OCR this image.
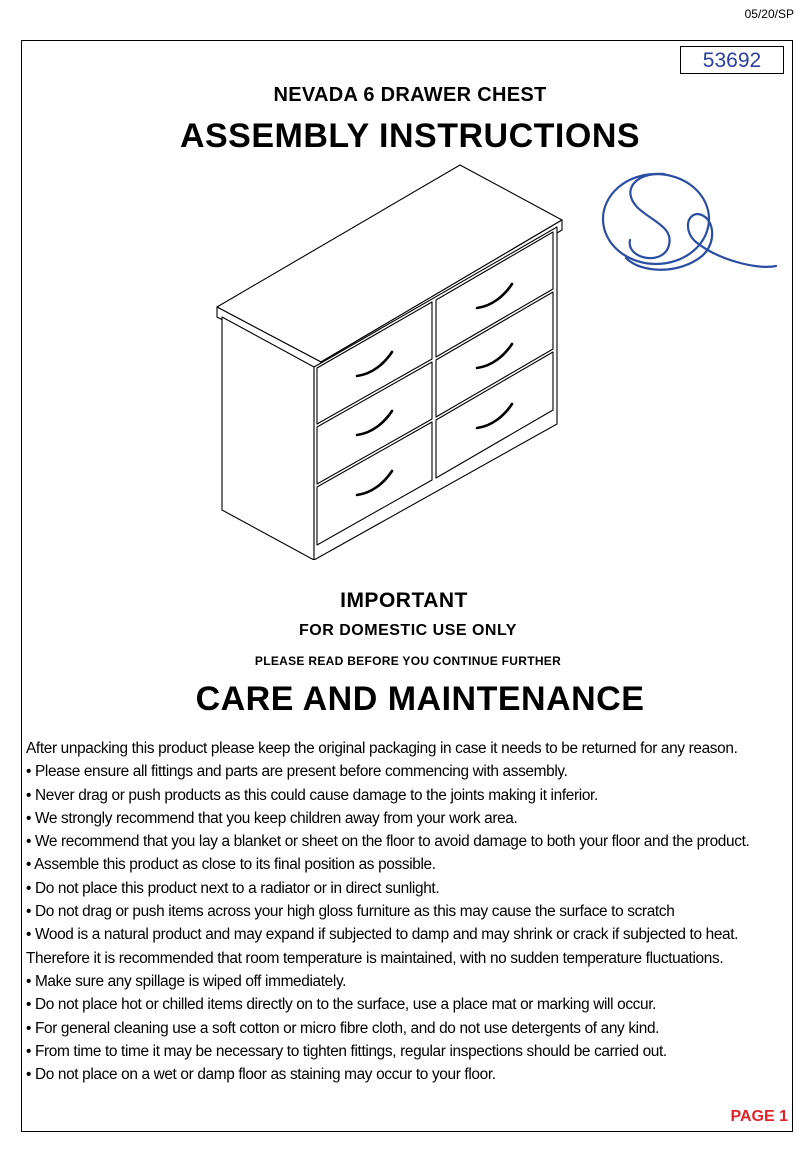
05/20/SP
53692
NEVADA 6 DRAWER CHEST
ASSEMBLY INSTRUCTIONS
IMPORTANT
FOR DOMESTIC USE ONLY
PLEASE READ BEFORE YOU CONTINUE FURTHER
CARE AND MAINTENANCE
After unpacking this product please keep the original packaging in case it needs to be returned for any reason.
• Please ensure all fittings and parts are present before commencing with assembly.
• Never drag or push products as this could cause damage to the joints making it inferior.
• We strongly recommend that you keep children away from your work area.
• We recommend that you lay a blanket or sheet on the floor to avoid damage to both your floor and the product.
• Assemble this product as close to its final position as possible.
• Do not place this product next to a radiator or in direct sunlight.
• Do not drag or push items across your high gloss furniture as this may cause the surface to scratch
• Wood is a natural product and may expand if subjected to damp and may shrink or crack if subjected to heat.
Therefore it is recommended that room temperature is maintained, with no sudden temperature fluctuations.
• Make sure any spillage is wiped off immediately.
• Do not place hot or chilled items directly on to the surface, use a place mat or marking will occur.
• For general cleaning use a soft cotton or micro fibre cloth, and do not use detergents of any kind.
• From time to time it may be necessary to tighten fittings, regular inspections should be carried out.
• Do not place on a wet or damp floor as staining may occur to your floor.
PAGE 1
